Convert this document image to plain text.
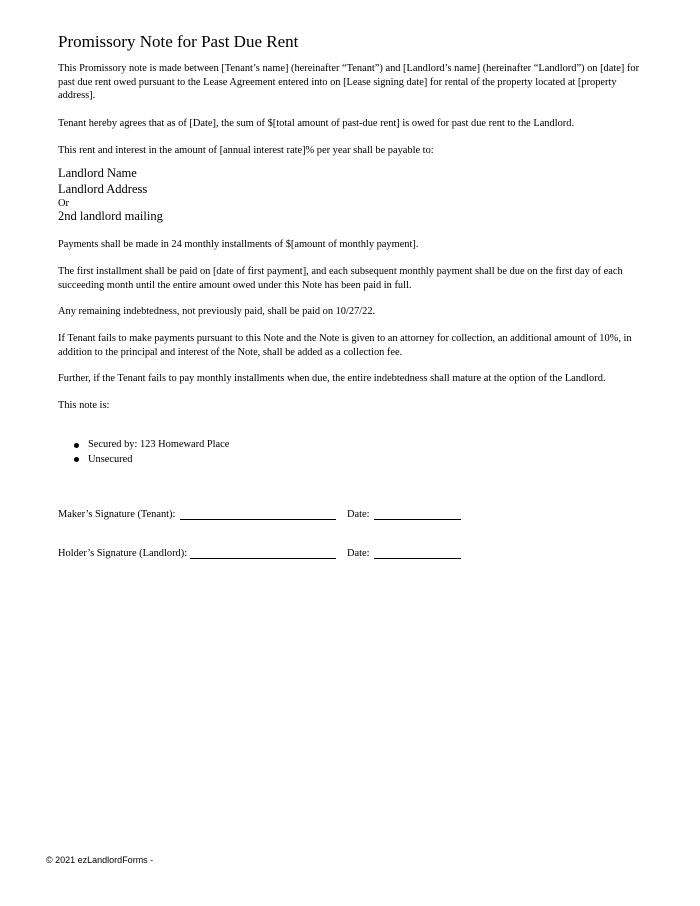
Promissory Note for Past Due Rent

This Promissory note is made between [Tenant’s name] (hereinafter “Tenant”) and [Landlord’s name] (hereinafter “Landlord”) on [date] for past due rent owed pursuant to the Lease Agreement entered into on [Lease signing date] for rental of the property located at [property address].

Tenant hereby agrees that as of [Date], the sum of $[total amount of past-due rent] is owed for past due rent to the Landlord.

This rent and interest in the amount of [annual interest rate]% per year shall be payable to:

Landlord Name
Landlord Address
Or
2nd landlord mailing

Payments shall be made in 24 monthly installments of $[amount of monthly payment].

The first installment shall be paid on [date of first payment], and each subsequent monthly payment shall be due on the first day of each succeeding month until the entire amount owed under this Note has been paid in full.

Any remaining indebtedness, not previously paid, shall be paid on 10/27/22.

If Tenant fails to make payments pursuant to this Note and the Note is given to an attorney for collection, an additional amount of 10%, in addition to the principal and interest of the Note, shall be added as a collection fee.

Further, if the Tenant fails to pay monthly installments when due, the entire indebtedness shall mature at the option of the Landlord.

This note is:

Secured by: 123 Homeward Place
Unsecured
Maker’s Signature (Tenant):	Date:
Holder’s Signature (Landlord):	Date:
© 2021 ezLandlordForms -
